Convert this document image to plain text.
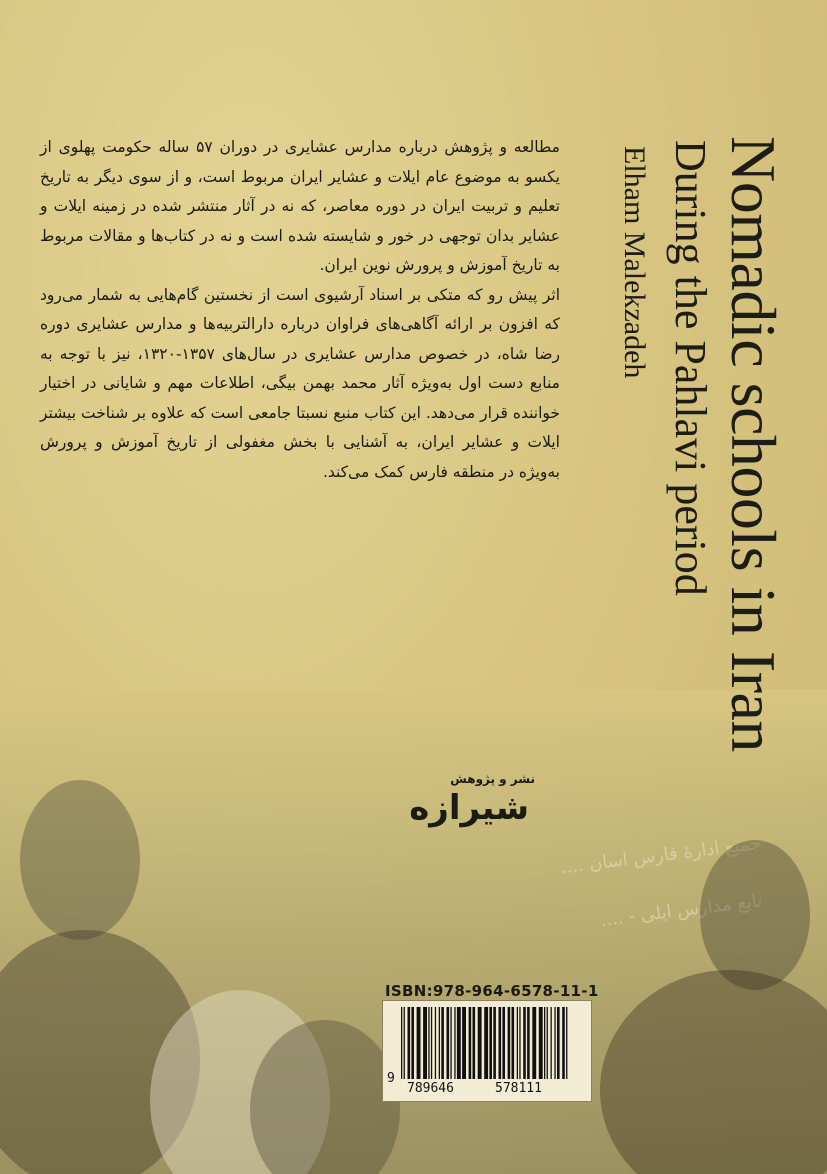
جمیع ادارهٔ فارس اسان ....
تابع مدارس ایلی - ....

مطالعه و پژوهش درباره مدارس عشایری در دوران ۵۷ ساله حکومت پهلوی از یکسو به موضوع عام ایلات و عشایر ایران مربوط است، و از سوی دیگر به تاریخ تعلیم و تربیت ایران در دوره معاصر، که نه در آثار منتشر شده در زمینه ایلات و عشایر بدان توجهی در خور و شایسته شده است و نه در کتاب‌ها و مقالات مربوط به تاریخ آموزش و پرورش نوین ایران.

اثر پیش رو که متکی بر اسناد آرشیوی است از نخستین گام‌هایی به شمار می‌رود که افزون بر ارائه آگاهی‌های فراوان درباره دارالتربیه‌ها و مدارس عشایری دوره رضا شاه، در خصوص مدارس عشایری در سال‌های ۱۳۵۷-۱۳۲۰، نیز با توجه به منابع دست اول به‌ویژه آثار محمد بهمن بیگی، اطلاعات مهم و شایانی در اختیار خواننده قرار می‌دهد. این کتاب منبع نسبتا جامعی است که علاوه بر شناخت بیشتر ایلات و عشایر ایران، به آشنایی با بخش مغفولی از تاریخ آموزش و پرورش به‌ویژه در منطقه فارس کمک می‌کند. Nomadic schools in Iran
During the Pahlavi period
Elham Malekzadeh
نشر و پژوهش
شیرازه
ISBN:978-964-6578-11-1
9
789646	578111
